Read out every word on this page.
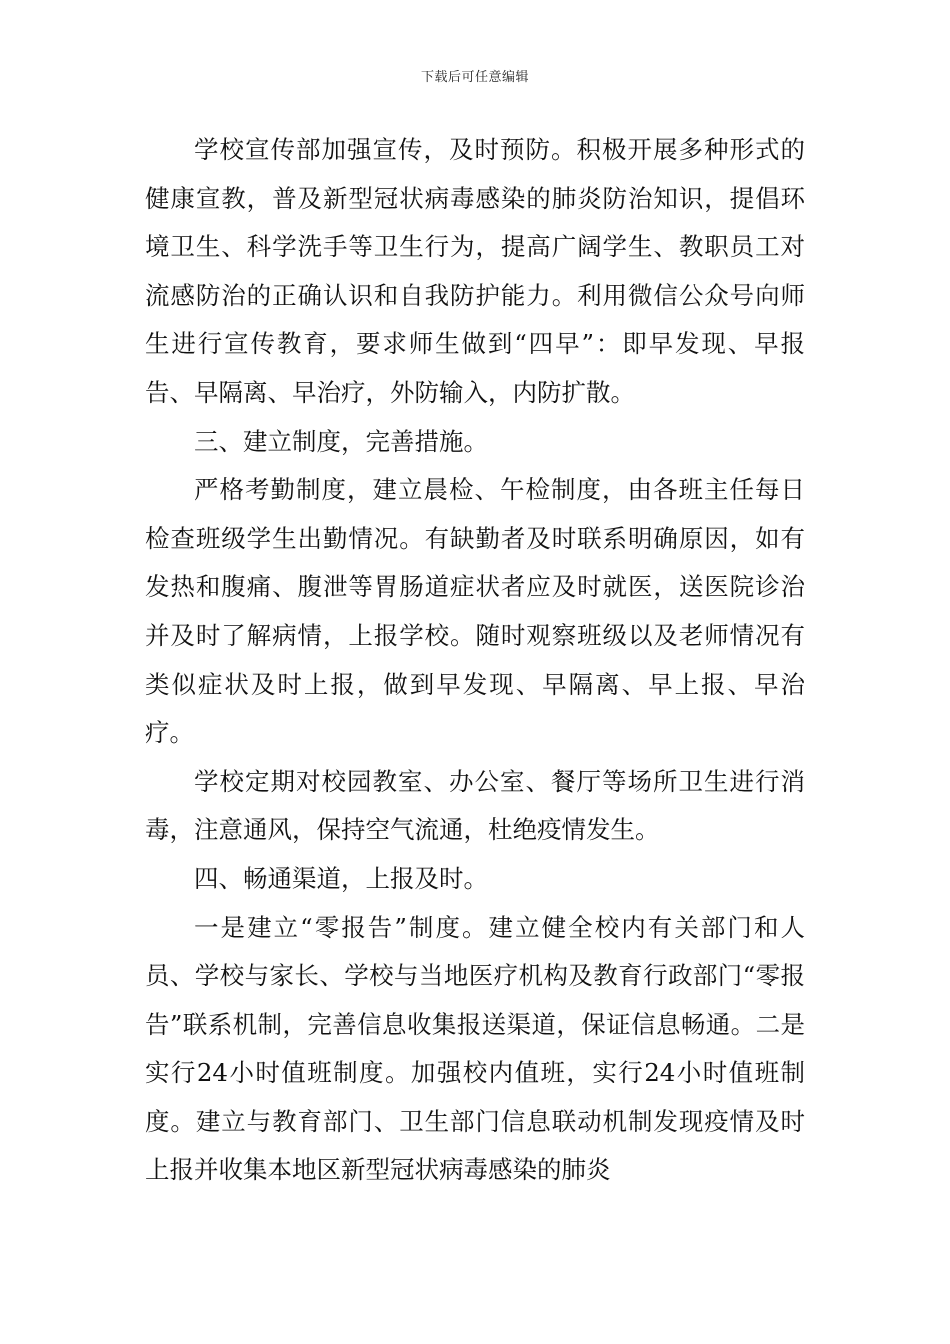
下载后可任意编辑

学校宣传部加强宣传，及时预防。积极开展多种形式的健康宣教，普及新型冠状病毒感染的肺炎防治知识，提倡环境卫生、科学洗手等卫生行为，提高广阔学生、教职员工对流感防治的正确认识和自我防护能力。利用微信公众号向师生进行宣传教育，要求师生做到“四早”：即早发现、早报告、早隔离、早治疗，外防输入，内防扩散。

三、建立制度，完善措施。

严格考勤制度，建立晨检、午检制度，由各班主任每日检查班级学生出勤情况。有缺勤者及时联系明确原因，如有发热和腹痛、腹泄等胃肠道症状者应及时就医，送医院诊治并及时了解病情，上报学校。随时观察班级以及老师情况有类似症状及时上报，做到早发现、早隔离、早上报、早治疗。

学校定期对校园教室、办公室、餐厅等场所卫生进行消毒，注意通风，保持空气流通，杜绝疫情发生。

四、畅通渠道，上报及时。

一是建立“零报告”制度。建立健全校内有关部门和人员、学校与家长、学校与当地医疗机构及教育行政部门“零报告”联系机制，完善信息收集报送渠道，保证信息畅通。二是实行24小时值班制度。加强校内值班，实行24小时值班制度。建立与教育部门、卫生部门信息联动机制发现疫情及时上报并收集本地区新型冠状病毒感染的肺炎
